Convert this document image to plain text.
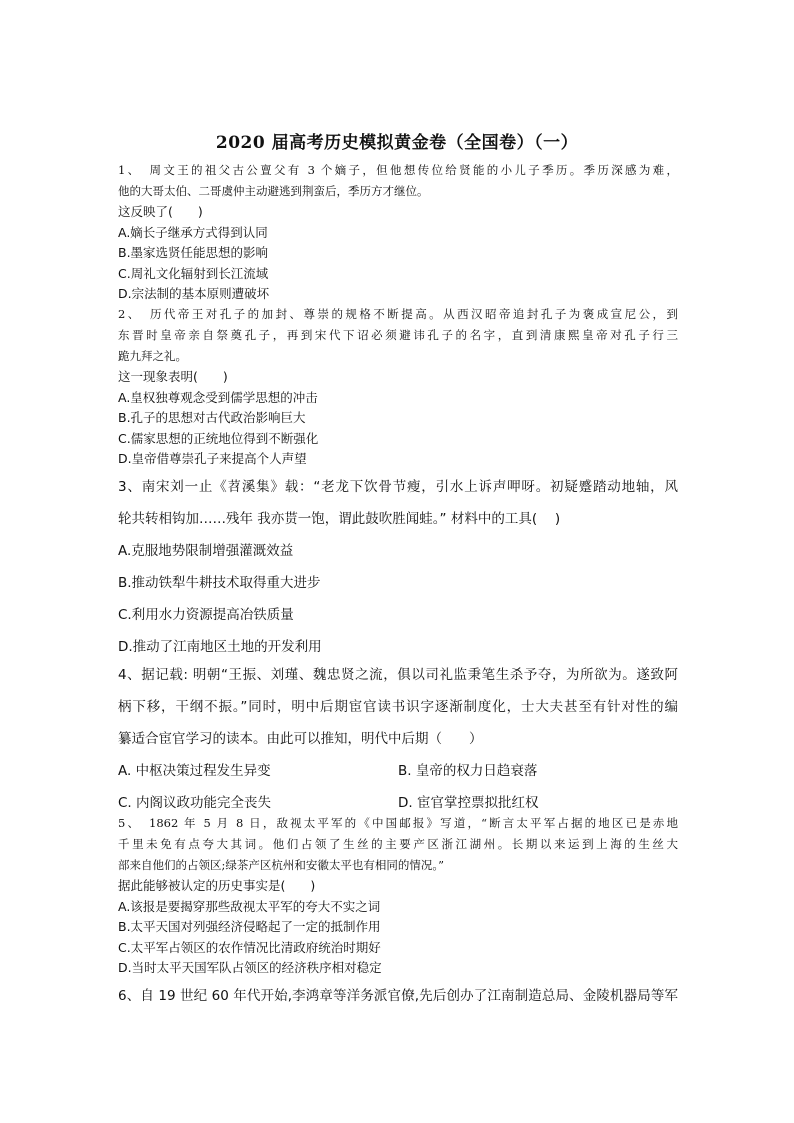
2020 届高考历史模拟黄金卷（全国卷）（一）
1、　周文王的祖父古公亶父有 3 个嫡子，但他想传位给贤能的小儿子季历。季历深感为难，
他的大哥太伯、二哥虞仲主动避逃到荆蛮后，季历方才继位。
这反映了(　　)
A.嫡长子继承方式得到认同
B.墨家选贤任能思想的影响
C.周礼文化辐射到长江流域
D.宗法制的基本原则遭破坏
2、　历代帝王对孔子的加封、尊崇的规格不断提高。从西汉昭帝追封孔子为褒成宣尼公，到
东晋时皇帝亲自祭奠孔子，再到宋代下诏必须避讳孔子的名字，直到清康熙皇帝对孔子行三
跪九拜之礼。
这一现象表明(　　)
A.皇权独尊观念受到儒学思想的冲击
B.孔子的思想对古代政治影响巨大
C.儒家思想的正统地位得到不断强化
D.皇帝借尊崇孔子来提高个人声望
3、南宋刘一止《苕溪集》载：“老龙下饮骨节瘦，引水上诉声呷呀。初疑蹙踏动地轴，风
轮共转相钩加……残年 我亦贳一饱，谓此鼓吹胜闻蛙。” 材料中的工具(　 )
A.克服地势限制增强灌溉效益
B.推动铁犁牛耕技术取得重大进步
C.利用水力资源提高冶铁质量
D.推动了江南地区土地的开发利用
4、据记载: 明朝“王振、刘瑾、魏忠贤之流，俱以司礼监秉笔生杀予夺，为所欲为。遂致阿
柄下移，干纲不振。”同时，明中后期宦官读书识字逐渐制度化，士大夫甚至有针对性的编
纂适合宦官学习的读本。由此可以推知，明代中后期（　　）
A. 中枢决策过程发生异变	B. 皇帝的权力日趋衰落
C. 内阁议政功能完全丧失	D. 宦官掌控票拟批红权
5、　1862 年 5 月 8 日，敌视太平军的《中国邮报》写道，“断言太平军占据的地区已是赤地
千里未免有点夸大其词。他们占领了生丝的主要产区浙江湖州。长期以来运到上海的生丝大
部来自他们的占领区;绿茶产区杭州和安徽太平也有相同的情况。”
据此能够被认定的历史事实是(　　)
A.该报是要揭穿那些敌视太平军的夸大不实之词
B.太平天国对列强经济侵略起了一定的抵制作用
C.太平军占领区的农作情况比清政府统治时期好
D.当时太平天国军队占领区的经济秩序相对稳定
6、自 19 世纪 60 年代开始,李鸿章等洋务派官僚,先后创办了江南制造总局、金陵机器局等军
